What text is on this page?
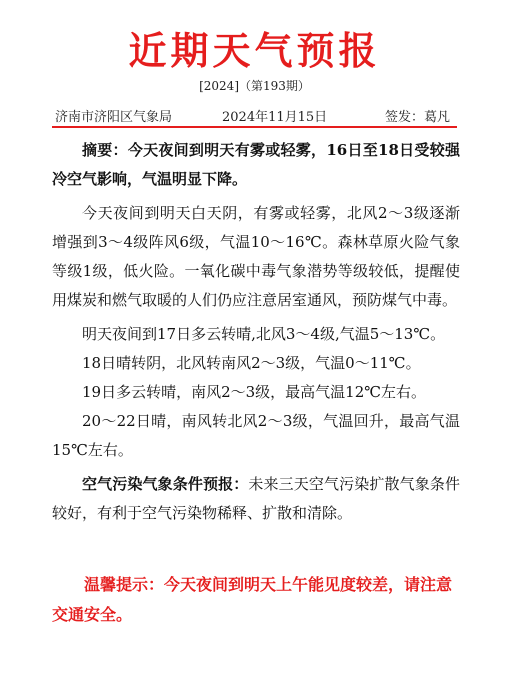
近期天气预报
[2024]（第193期）
济南市济阳区气象局	2024年11月15日	签发：葛凡

摘要：今天夜间到明天有雾或轻雾，16日至18日受较强冷空气影响，气温明显下降。

今天夜间到明天白天阴，有雾或轻雾，北风2～3级逐渐增强到3～4级阵风6级，气温10～16℃。森林草原火险气象等级1级，低火险。一氧化碳中毒气象潜势等级较低，提醒使用煤炭和燃气取暖的人们仍应注意居室通风，预防煤气中毒。

明天夜间到17日多云转晴,北风3～4级,气温5～13℃。

18日晴转阴，北风转南风2～3级，气温0～11℃。

19日多云转晴，南风2～3级，最高气温12℃左右。

20～22日晴，南风转北风2～3级，气温回升，最高气温15℃左右。

空气污染气象条件预报：未来三天空气污染扩散气象条件较好，有利于空气污染物稀释、扩散和清除。

温馨提示：今天夜间到明天上午能见度较差，请注意交通安全。
